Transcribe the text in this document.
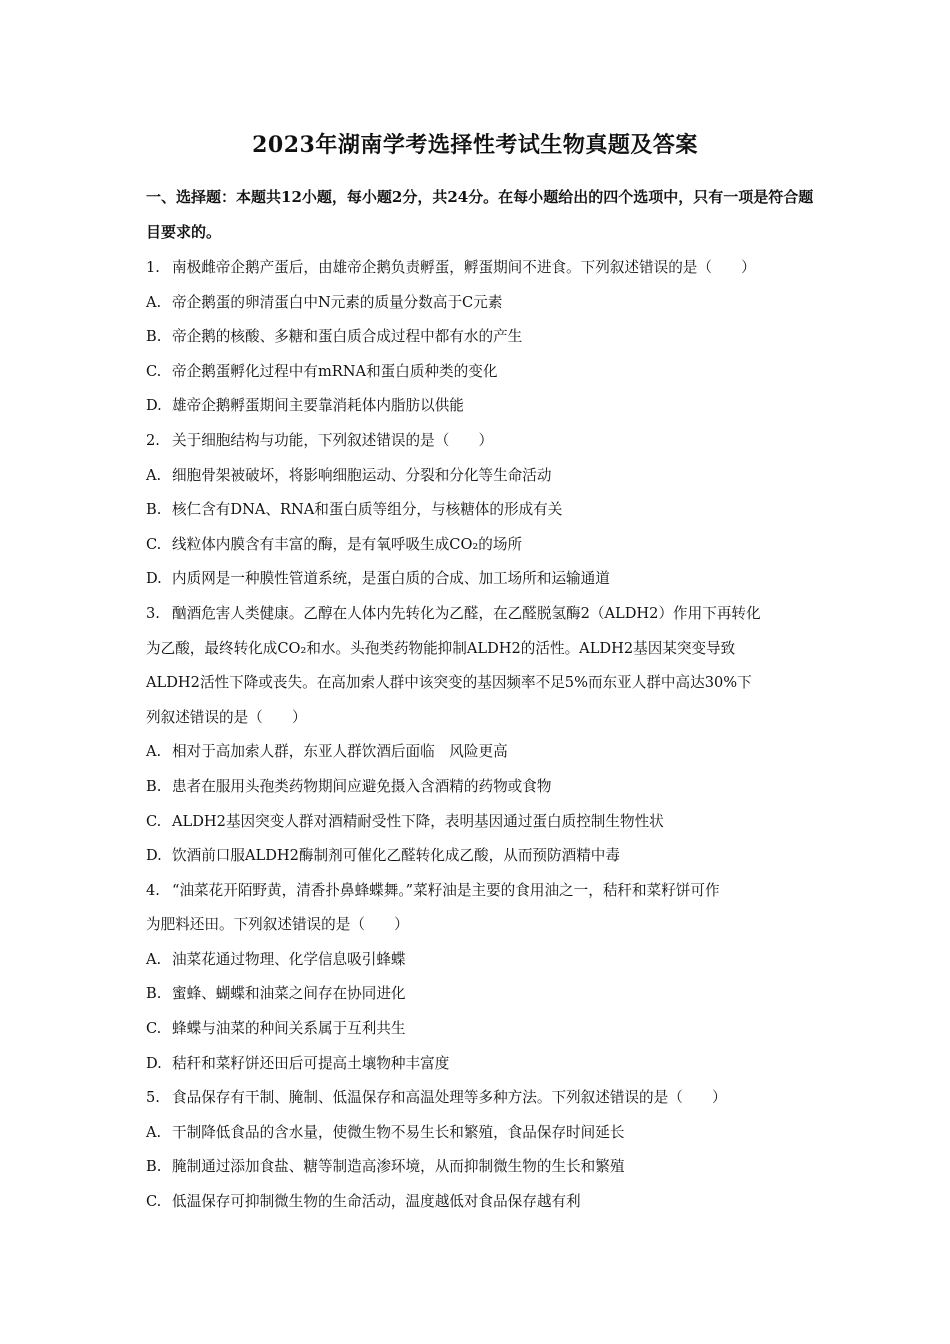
2023年湖南学考选择性考试生物真题及答案
一、选择题：本题共12小题，每小题2分，共24分。在每小题给出的四个选项中，只有一项是符合题目要求的。
1. 南极雌帝企鹅产蛋后，由雄帝企鹅负责孵蛋，孵蛋期间不进食。下列叙述错误的是（　　）
A. 帝企鹅蛋的卵清蛋白中N元素的质量分数高于C元素
B. 帝企鹅的核酸、多糖和蛋白质合成过程中都有水的产生
C. 帝企鹅蛋孵化过程中有mRNA和蛋白质种类的变化
D. 雄帝企鹅孵蛋期间主要靠消耗体内脂肪以供能
2. 关于细胞结构与功能，下列叙述错误的是（　　）
A. 细胞骨架被破坏，将影响细胞运动、分裂和分化等生命活动
B. 核仁含有DNA、RNA和蛋白质等组分，与核糖体的形成有关
C. 线粒体内膜含有丰富的酶，是有氧呼吸生成CO₂的场所
D. 内质网是一种膜性管道系统，是蛋白质的合成、加工场所和运输通道
3. 酗酒危害人类健康。乙醇在人体内先转化为乙醛，在乙醛脱氢酶2（ALDH2）作用下再转化
为乙酸，最终转化成CO₂和水。头孢类药物能抑制ALDH2的活性。ALDH2基因某突变导致
ALDH2活性下降或丧失。在高加索人群中该突变的基因频率不足5%而东亚人群中高达30%下
列叙述错误的是（　　）
A. 相对于高加索人群，东亚人群饮酒后面临　风险更高
B. 患者在服用头孢类药物期间应避免摄入含酒精的药物或食物
C. ALDH2基因突变人群对酒精耐受性下降，表明基因通过蛋白质控制生物性状
D. 饮酒前口服ALDH2酶制剂可催化乙醛转化成乙酸，从而预防酒精中毒
4. “油菜花开陌野黄，清香扑鼻蜂蝶舞。”菜籽油是主要的食用油之一，秸秆和菜籽饼可作
为肥料还田。下列叙述错误的是（　　）
A. 油菜花通过物理、化学信息吸引蜂蝶
B. 蜜蜂、蝴蝶和油菜之间存在协同进化
C. 蜂蝶与油菜的种间关系属于互利共生
D. 秸秆和菜籽饼还田后可提高土壤物种丰富度
5. 食品保存有干制、腌制、低温保存和高温处理等多种方法。下列叙述错误的是（　　）
A. 干制降低食品的含水量，使微生物不易生长和繁殖，食品保存时间延长
B. 腌制通过添加食盐、糖等制造高渗环境，从而抑制微生物的生长和繁殖
C. 低温保存可抑制微生物的生命活动，温度越低对食品保存越有利
